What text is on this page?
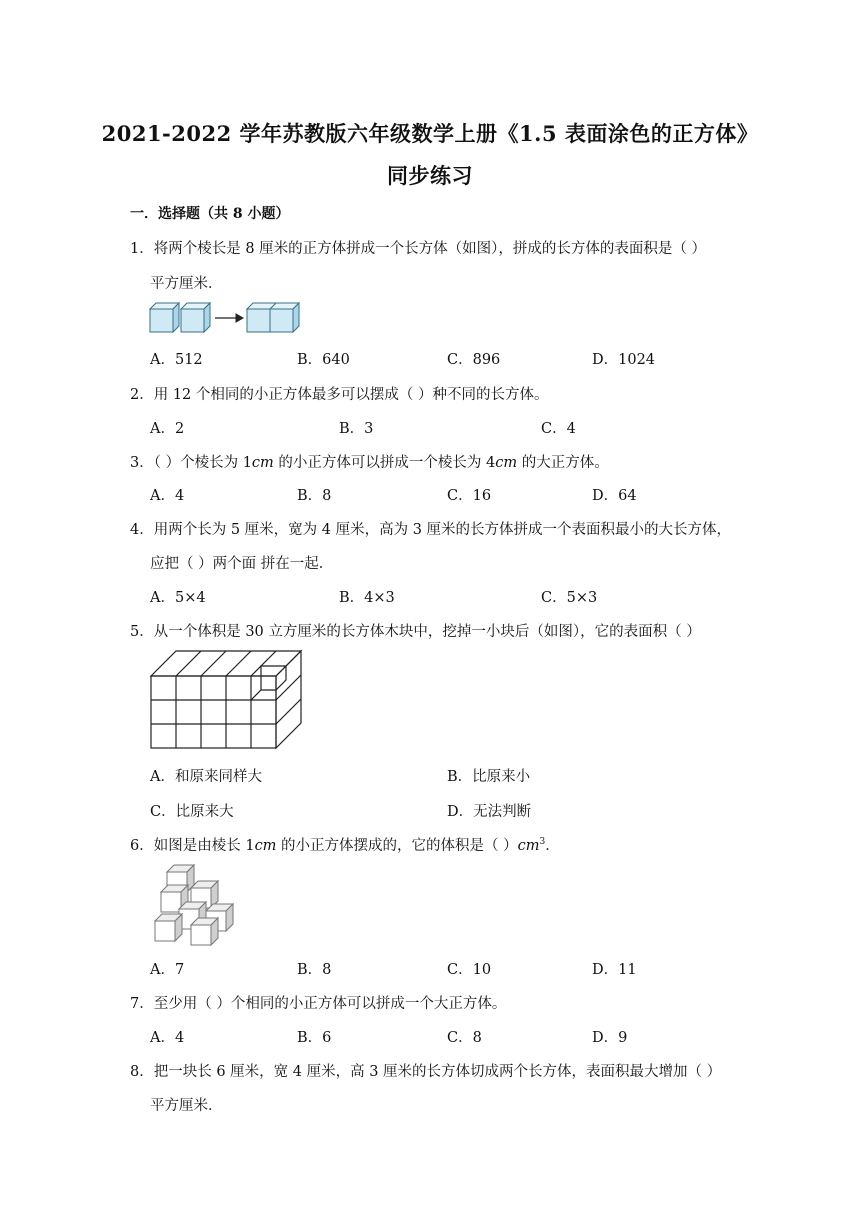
2021-2022 学年苏教版六年级数学上册《1.5 表面涂色的正方体》
同步练习
一．选择题（共 8 小题）
1．将两个棱长是 8 厘米的正方体拼成一个长方体（如图），拼成的长方体的表面积是（ ）
平方厘米．
A．512	B．640	C．896	D．1024
2．用 12 个相同的小正方体最多可以摆成（ ）种不同的长方体。
A．2	B．3	C．4
3．（ ）个棱长为 1cm 的小正方体可以拼成一个棱长为 4cm 的大正方体。
A．4	B．8	C．16	D．64
4．用两个长为 5 厘米，宽为 4 厘米，高为 3 厘米的长方体拼成一个表面积最小的大长方体，
应把（ ）两个面 拼在一起．
A．5×4	B．4×3	C．5×3
5．从一个体积是 30 立方厘米的长方体木块中，挖掉一小块后（如图），它的表面积（ ）
A．和原来同样大	B．比原来小
C．比原来大	D．无法判断
6．如图是由棱长 1cm 的小正方体摆成的，它的体积是（ ）$cm^3$．
A．7	B．8	C．10	D．11
7．至少用（ ）个相同的小正方体可以拼成一个大正方体。
A．4	B．6	C．8	D．9
8．把一块长 6 厘米，宽 4 厘米，高 3 厘米的长方体切成两个长方体，表面积最大增加（ ）
平方厘米．
